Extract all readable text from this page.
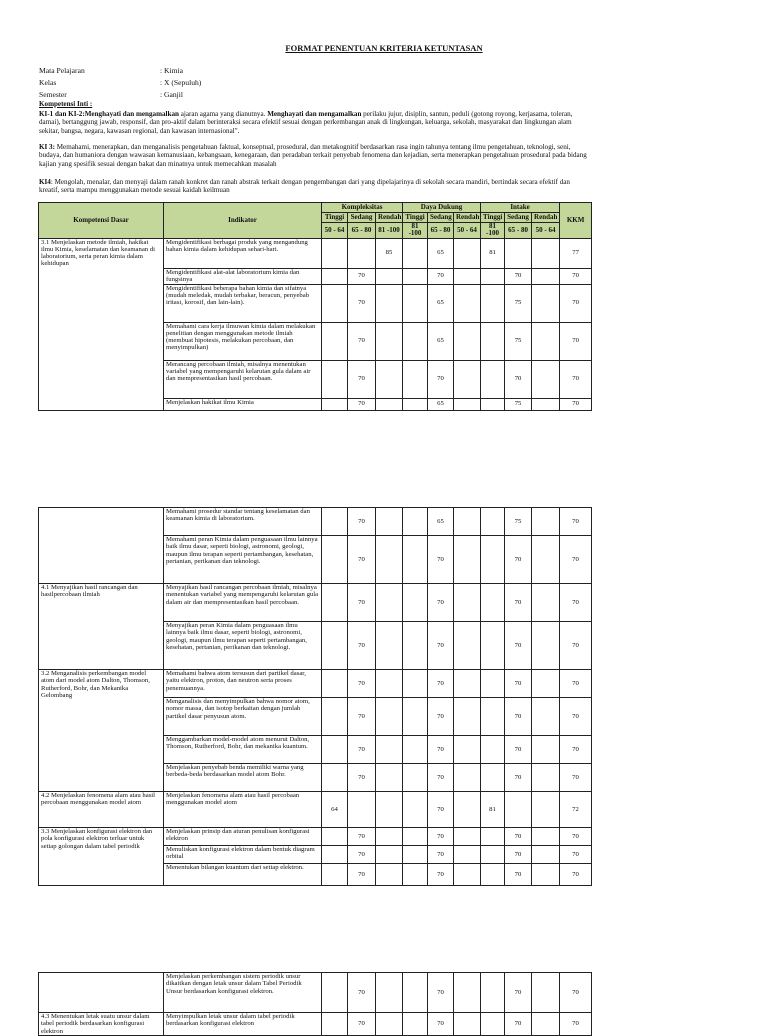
FORMAT PENENTUAN KRITERIA KETUNTASAN
Mata Pelajaran	: Kimia
Kelas	: X (Sepuluh)
Semester	: Ganjil
Kompetensi Inti :
KI-1 dan KI-2:Menghayati dan mengamalkan ajaran agama yang dianutnya. Menghayati dan mengamalkan perilaku jujur, disiplin, santun, peduli (gotong royong, kerjasama, toleran, damai), bertanggung jawab, responsif, dan pro-aktif dalam berinteraksi secara efektif sesuai dengan perkembangan anak di lingkungan, keluarga, sekolah, masyarakat dan lingkungan alam sekitar, bangsa, negara, kawasan regional, dan kawasan internasional".
KI 3: Memahami, menerapkan, dan menganalisis pengetahuan faktual, konseptual, prosedural, dan metakognitif berdasarkan rasa ingin tahunya tentang ilmu pengetahuan, teknologi, seni, budaya, dan humaniora dengan wawasan kemanusiaan, kebangsaan, kenegaraan, dan peradaban terkait penyebab fenomena dan kejadian, serta menerapkan pengetahuan prosedural pada bidang kajian yang spesifik sesuai dengan bakat dan minatnya untuk memecahkan masalah
KI4: Mengolah, menalar, dan menyaji dalam ranah konkret dan ranah abstrak terkait dengan pengembangan dari yang dipelajarinya di sekolah secara mandiri, bertindak secara efektif dan kreatif, serta mampu menggunakan metode sesuai kaidah keilmuan
Kompetensi Dasar	Indikator	Kompleksitas			Daya Dukung			Intake			KKM
		Tinggi	Sedang	Rendah	Tinggi	Sedang	Rendah	Tinggi	Sedang	Rendah	
		50 - 64	65 - 80	81 -100	81 -100	65 - 80	50 - 64	81 -100	65 - 80	50 - 64	
3.1 Menjelaskan metode ilmiah, hakikat ilmu Kimia, keselamatan dan keamanan di laboratorium, serta peran kimia dalam kehidupan	Mengidentifikasi berbagai produk yang mengandung bahan kimia dalam kehidupan sehari-hari.			85		65		81			77
	Mengidentifikasi alat-alat laboratorium kimia dan fungsinya		70			70			70		70
	Mengidentifikasi beberapa bahan kimia dan sifatnya (mudah meledak, mudah terbakar, beracun, penyebab iritasi, korosif, dan lain-lain).		70			65			75		70
	Memahami cara kerja ilmuwan kimia dalam melakukan penelitian dengan menggunakan metode ilmiah (membuat hipotesis, melakukan percobaan, dan menyimpulkan)		70			65			75		70
	Merancang percobaan ilmiah, misalnya menentukan variabel yang mempengaruhi kelarutan gula dalam air dan mempresentasikan hasil percobaan.		70			70			70		70
	Menjelaskan hakikat ilmu Kimia		70			65			75		70
	Memahami prosedur standar tentang keselamatan dan keamanan kimia di laboratorium.		70			65			75		70
	Memahami peran Kimia dalam penguasaan ilmu lainnya baik ilmu dasar, seperti biologi, astronomi, geologi, maupun ilmu terapan seperti pertambangan, kesehatan, pertanian, perikanan dan teknologi.		70			70			70		70
4.1 Menyajikan hasil rancangan dan hasilpercobaan ilmiah	Menyajikan hasil rancangan percobaan ilmiah, misalnya menentukan variabel yang mempengaruhi kelarutan gula dalam air dan mempresentasikan hasil percobaan.		70			70			70		70
	Menyajikan peran Kimia dalam penguasaan ilmu lainnya baik ilmu dasar, seperti biologi, astronomi, geologi, maupun ilmu terapan seperti pertambangan, kesehatan, pertanian, perikanan dan teknologi.		70			70			70		70
3.2 Menganalisis perkembangan model atom dari model atom Dalton, Thomson, Rutherford, Bohr, dan Mekanika Gelombang	Memahami bahwa atom tersusun dari partikel dasar, yaitu elektron, proton, dan neutron serta proses penemuannya.		70			70			70		70
	Menganalisis dan menyimpulkan bahwa nomor atom, nomor massa, dan isotop berkaitan dengan jumlah partikel dasar penyusun atom.		70			70			70		70
	Menggambarkan model-model atom menurut Dalton, Thomson, Rutherford, Bohr, dan mekanika kuantum.		70			70			70		70
	Menjelaskan penyebab benda memiliki warna yang berbeda-beda berdasarkan model atom Bohr.		70			70			70		70
4.2 Menjelaskan fenomena alam atau hasil percobaan menggunakan model atom	Menjelaskan fenomena alam atau hasil percobaan menggunakan model atom	64				70		81			72
3.3 Menjelaskan konfigurasi elektron dan pola konfigurasi elektron terluar untuk setiap golongan dalam tabel periodik	Menjelaskan prinsip dan aturan penulisan konfigurasi elektron		70			70			70		70
	Menuliskan konfigurasi elektron dalam bentuk diagram orbital		70			70			70		70
	Menentukan bilangan kuantum dari setiap elektron.		70			70			70		70
	Menjelaskan perkembangan sistem periodik unsur dikaitkan dengan letak unsur dalam Tabel Periodik Unsur berdasarkan konfigurasi elektron.		70			70			70		70
4.3 Menentukan letak suatu unsur dalam tabel periodik berdasarkan konfigurasi elektron	Menyimpulkan letak unsur dalam tabel periodik berdasarkan konfigurasi elektron		70			70			70		70
